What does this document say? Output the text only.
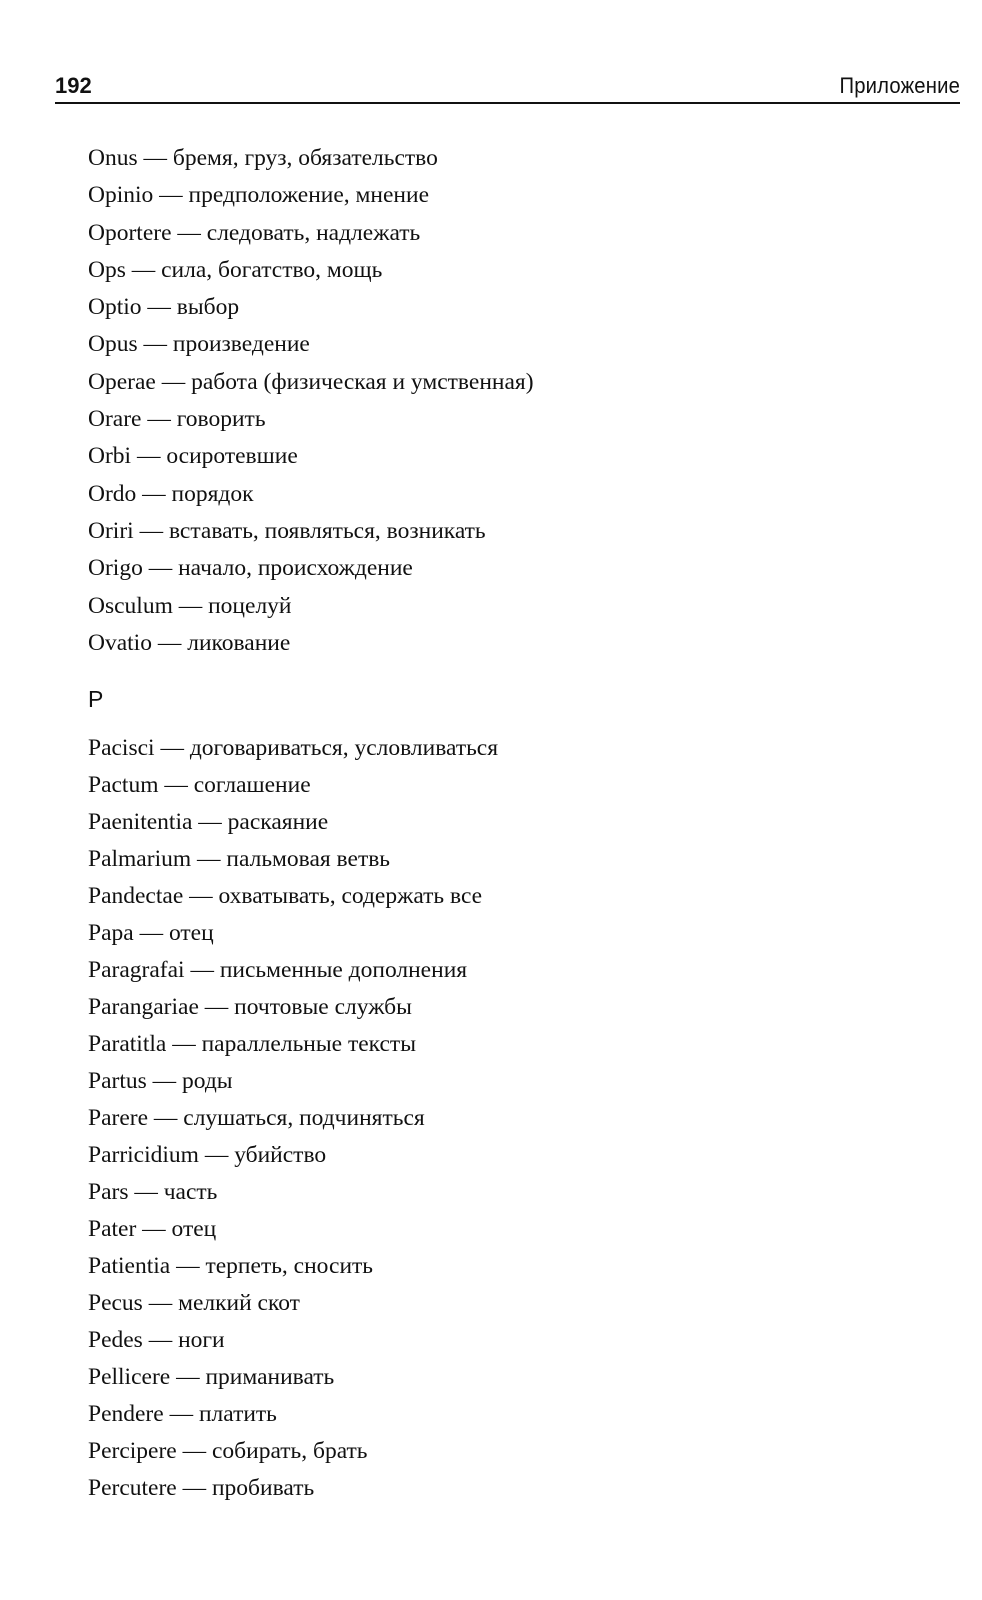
192	Приложение
Onus — бремя, груз, обязательство
Opinio — предположение, мнение
Oportere — следовать, надлежать
Ops — сила, богатство, мощь
Optio — выбор
Opus — произведение
Operae — работа (физическая и умственная)
Orare — говорить
Orbi — осиротевшие
Ordo — порядок
Oriri — вставать, появляться, возникать
Origo — начало, происхождение
Osculum — поцелуй
Ovatio — ликование
P
Pacisci — договариваться, условливаться
Pactum — соглашение
Paenitentia — раскаяние
Palmarium — пальмовая ветвь
Pandectae — охватывать, содержать все
Papa — отец
Paragrafai — письменные дополнения
Parangariae — почтовые службы
Paratitla — параллельные тексты
Partus — роды
Parere — слушаться, подчиняться
Parricidium — убийство
Pars — часть
Pater — отец
Patientia — терпеть, сносить
Pecus — мелкий скот
Pedes — ноги
Pellicere — приманивать
Pendere — платить
Percipere — собирать, брать
Percutere — пробивать
